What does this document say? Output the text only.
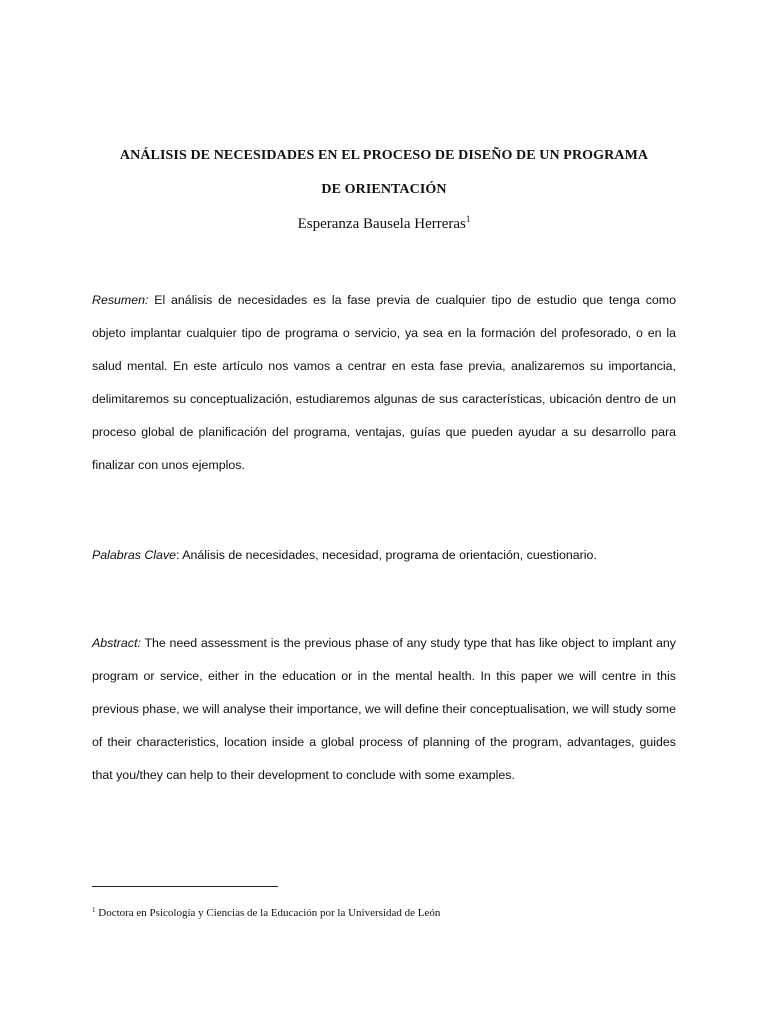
ANÁLISIS DE NECESIDADES EN EL PROCESO DE DISEÑO DE UN PROGRAMA
DE ORIENTACIÓN

Esperanza Bausela Herreras$^1$

Resumen: El análisis de necesidades es la fase previa de cualquier tipo de estudio que tenga como objeto implantar cualquier tipo de programa o servicio, ya sea en la formación del profesorado, o en la salud mental. En este artículo nos vamos a centrar en esta fase previa, analizaremos su importancia, delimitaremos su conceptualización, estudiaremos algunas de sus características, ubicación dentro de un proceso global de planificación del programa, ventajas, guías que pueden ayudar a su desarrollo para finalizar con unos ejemplos.

Palabras Clave: Análisis de necesidades, necesidad, programa de orientación, cuestionario.

Abstract: The need assessment is the previous phase of any study type that has like object to implant any program or service, either in the education or in the mental health. In this paper we will centre in this previous phase, we will analyse their importance, we will define their conceptualisation, we will study some of their characteristics, location inside a global process of planning of the program, advantages, guides that you/they can help to their development to conclude with some examples.

$^1$ Doctora en Psicología y Ciencias de la Educación por la Universidad de León
